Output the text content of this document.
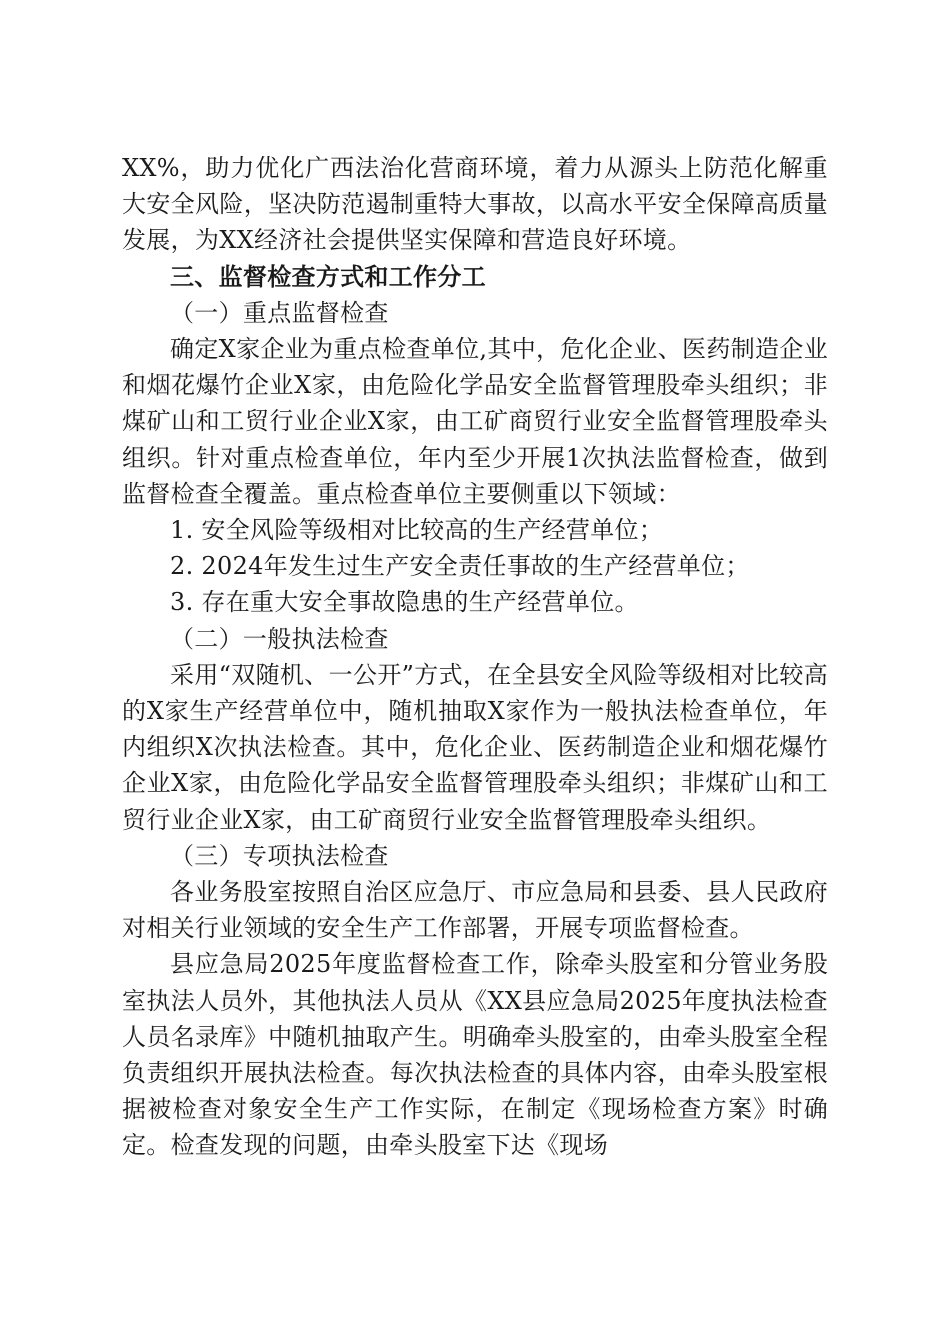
XX%，助力优化广西法治化营商环境，着力从源头上防范化解重大安全风险，坚决防范遏制重特大事故，以高水平安全保障高质量发展，为XX经济社会提供坚实保障和营造良好环境。

三、监督检查方式和工作分工

（一）重点监督检查

确定X家企业为重点检查单位,其中，危化企业、医药制造企业和烟花爆竹企业X家，由危险化学品安全监督管理股牵头组织；非煤矿山和工贸行业企业X家，由工矿商贸行业安全监督管理股牵头组织。针对重点检查单位，年内至少开展1次执法监督检查，做到监督检查全覆盖。重点检查单位主要侧重以下领域：

1. 安全风险等级相对比较高的生产经营单位；

2. 2024年发生过生产安全责任事故的生产经营单位；

3. 存在重大安全事故隐患的生产经营单位。

（二）一般执法检查

采用“双随机、一公开”方式，在全县安全风险等级相对比较高的X家生产经营单位中，随机抽取X家作为一般执法检查单位，年内组织X次执法检查。其中，危化企业、医药制造企业和烟花爆竹企业X家，由危险化学品安全监督管理股牵头组织；非煤矿山和工贸行业企业X家，由工矿商贸行业安全监督管理股牵头组织。

（三）专项执法检查

各业务股室按照自治区应急厅、市应急局和县委、县人民政府对相关行业领域的安全生产工作部署，开展专项监督检查。

县应急局2025年度监督检查工作，除牵头股室和分管业务股室执法人员外，其他执法人员从《XX县应急局2025年度执法检查人员名录库》中随机抽取产生。明确牵头股室的，由牵头股室全程负责组织开展执法检查。每次执法检查的具体内容，由牵头股室根据被检查对象安全生产工作实际，在制定《现场检查方案》时确定。检查发现的问题，由牵头股室下达《现场
